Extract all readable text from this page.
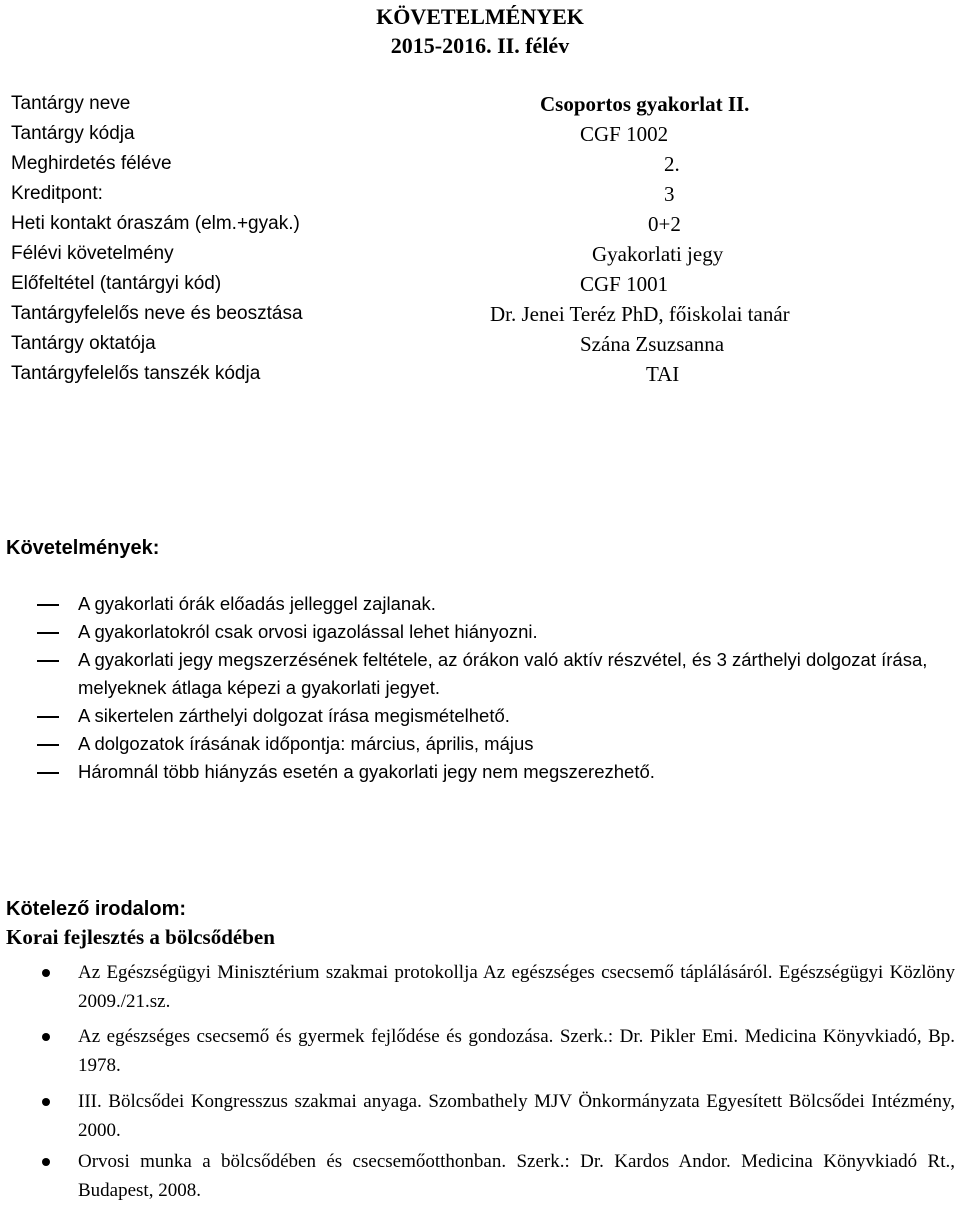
KÖVETELMÉNYEK
2015-2016. II. félév
Tantárgy neve	Csoportos gyakorlat II.
Tantárgy kódja	CGF 1002
Meghirdetés féléve	2.
Kreditpont:	3
Heti kontakt óraszám (elm.+gyak.)	0+2
Félévi követelmény	Gyakorlati jegy
Előfeltétel (tantárgyi kód)	CGF 1001
Tantárgyfelelős neve és beosztása	Dr. Jenei Teréz PhD, főiskolai tanár
Tantárgy oktatója	Szána Zsuzsanna
Tantárgyfelelős tanszék kódja	TAI
Követelmények:
A gyakorlati órák előadás jelleggel zajlanak.
A gyakorlatokról csak orvosi igazolással lehet hiányozni.
A gyakorlati jegy megszerzésének feltétele, az órákon való aktív részvétel, és 3 zárthelyi dolgozat írása, melyeknek átlaga képezi a gyakorlati jegyet.
A sikertelen zárthelyi dolgozat írása megismételhető.
A dolgozatok írásának időpontja: március, április, május
Háromnál több hiányzás esetén a gyakorlati jegy nem megszerezhető.
Kötelező irodalom:
Korai fejlesztés a bölcsődében
Az Egészségügyi Minisztérium szakmai protokollja Az egészséges csecsemő táplálásáról. Egészségügyi Közlöny 2009./21.sz.
Az egészséges csecsemő és gyermek fejlődése és gondozása. Szerk.: Dr. Pikler Emi. Medicina Könyvkiadó, Bp. 1978.
III. Bölcsődei Kongresszus szakmai anyaga. Szombathely MJV Önkormányzata Egyesített Bölcsődei Intézmény, 2000.
Orvosi munka a bölcsődében és csecsemőotthonban. Szerk.: Dr. Kardos Andor. Medicina Könyvkiadó Rt., Budapest, 2008.
